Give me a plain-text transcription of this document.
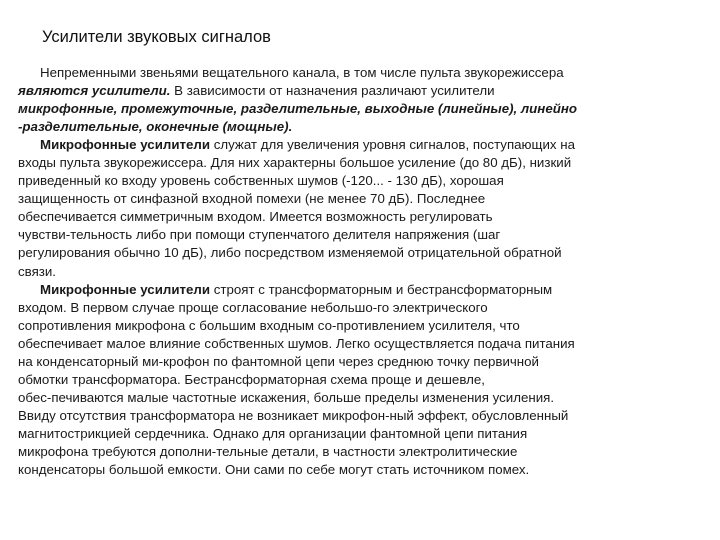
Усилители звуковых сигналов
Непременными звеньями вещательного канала, в том числе пульта звукорежиссера
являются усилители. В зависимости от назначения различают усилители
микрофонные, промежуточные, разделительные, выходные (линейные), линейно
-разделительные, оконечные (мощные).
Микрофонные усилители служат для увеличения уровня сигналов, поступающих на
входы пульта звукорежиссера. Для них характерны большое усиление (до 80 дБ), низкий
приведенный ко входу уровень собственных шумов (-120... - 130 дБ), хорошая
защищенность от синфазной входной помехи (не менее 70 дБ). Последнее
обеспечивается симметричным входом. Имеется возможность регулировать
чувстви-тельность либо при помощи ступенчатого делителя напряжения (шаг
регулирования обычно 10 дБ), либо посредством изменяемой отрицательной обратной
связи.
Микрофонные усилители строят с трансформаторным и бестрансформаторным
входом. В первом случае проще согласование небольшо-го электрического
сопротивления микрофона с большим входным со-противлением усилителя, что
обеспечивает малое влияние собственных шумов. Легко осуществляется подача питания
на конденсаторный ми-крофон по фантомной цепи через среднюю точку первичной
обмотки трансформатора. Бестрансформаторная схема проще и дешевле,
обес-печиваются малые частотные искажения, больше пределы изменения усиления.
Ввиду отсутствия трансформатора не возникает микрофон-ный эффект, обусловленный
магнитострикцией сердечника. Однако для организации фантомной цепи питания
микрофона требуются дополни-тельные детали, в частности электролитические
конденсаторы большой емкости. Они сами по себе могут стать источником помех.
